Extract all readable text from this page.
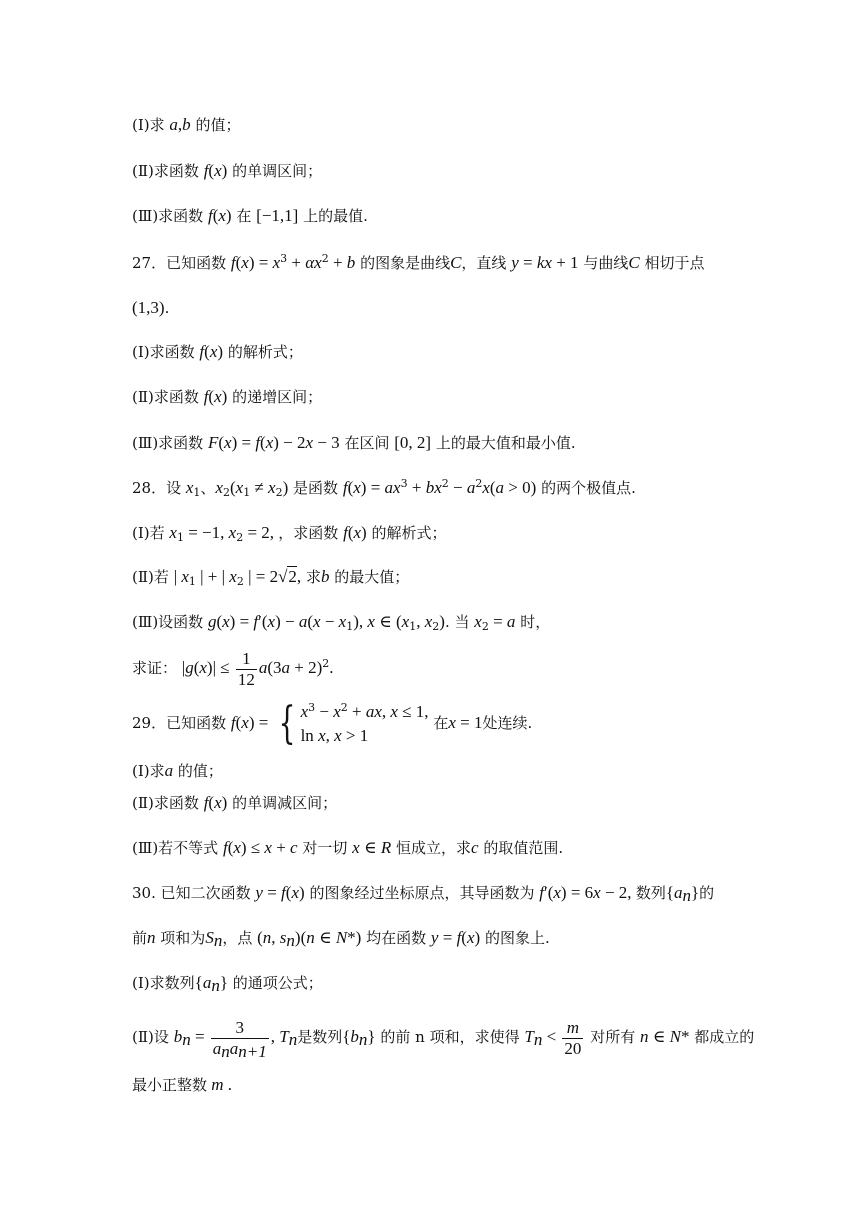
(Ⅰ)求 a,b 的值；
(Ⅱ)求函数 f(x) 的单调区间；
(Ⅲ)求函数 f(x) 在 [−1,1] 上的最值.
27．已知函数 $f(x) = x^3 + \alpha x^2 + b$ 的图象是曲线C，直线 y = kx + 1 与曲线C 相切于点
(1,3).
(Ⅰ)求函数 f(x) 的解析式；
(Ⅱ)求函数 f(x) 的递增区间；
(Ⅲ)求函数 F(x) = f(x) − 2x − 3 在区间 [0, 2] 上的最大值和最小值.
28．设 $x_1$、$x_2(x_1 \ne x_2)$ 是函数 $f(x) = ax^3 + bx^2 - a^2x(a > 0)$ 的两个极值点.
(Ⅰ)若 $x_1 = -1$, $x_2 = 2$, ，求函数 f(x) 的解析式；
(Ⅱ)若 | $x_1$ | + | $x_2$ | = 2√2, 求b 的最大值；
(Ⅲ)设函数 $g(x) = f'(x) - a(x - x_1)$, x ∈ ($x_1$, $x_2$). 当 $x_2 = a$ 时，
求证： $|g(x)| \le \frac{1}{12} a(3a + 2)^2$.
29．已知函数 f(x) = { $x^3 - x^2$ + ax, x ≤ 1,
ln x, x > 1
在x = 1处连续.
(Ⅰ)求a 的值；
(Ⅱ)求函数 f(x) 的单调减区间；
(Ⅲ)若不等式 f(x) ≤ x + c 对一切 x ∈ R 恒成立，求c 的取值范围.
30. 已知二次函数 y = f(x) 的图象经过坐标原点，其导函数为 f′(x) = 6x − 2, 数列$\{a_n\}$的
前n 项和为$S_n$，点 (n, $s_n)(n$ ∈ N*) 均在函数 y = f(x) 的图象上.
(Ⅰ)求数列$\{a_n\}$ 的通项公式；
(Ⅱ)设 $b_n = \frac{3}{a_na_{n+1}}$ , $T_n$是数列$\{b_n\}$ 的前 n 项和，求使得 $T_n < \frac{m}{20}$ 对所有 n ∈ N* 都成立的
最小正整数 m .
